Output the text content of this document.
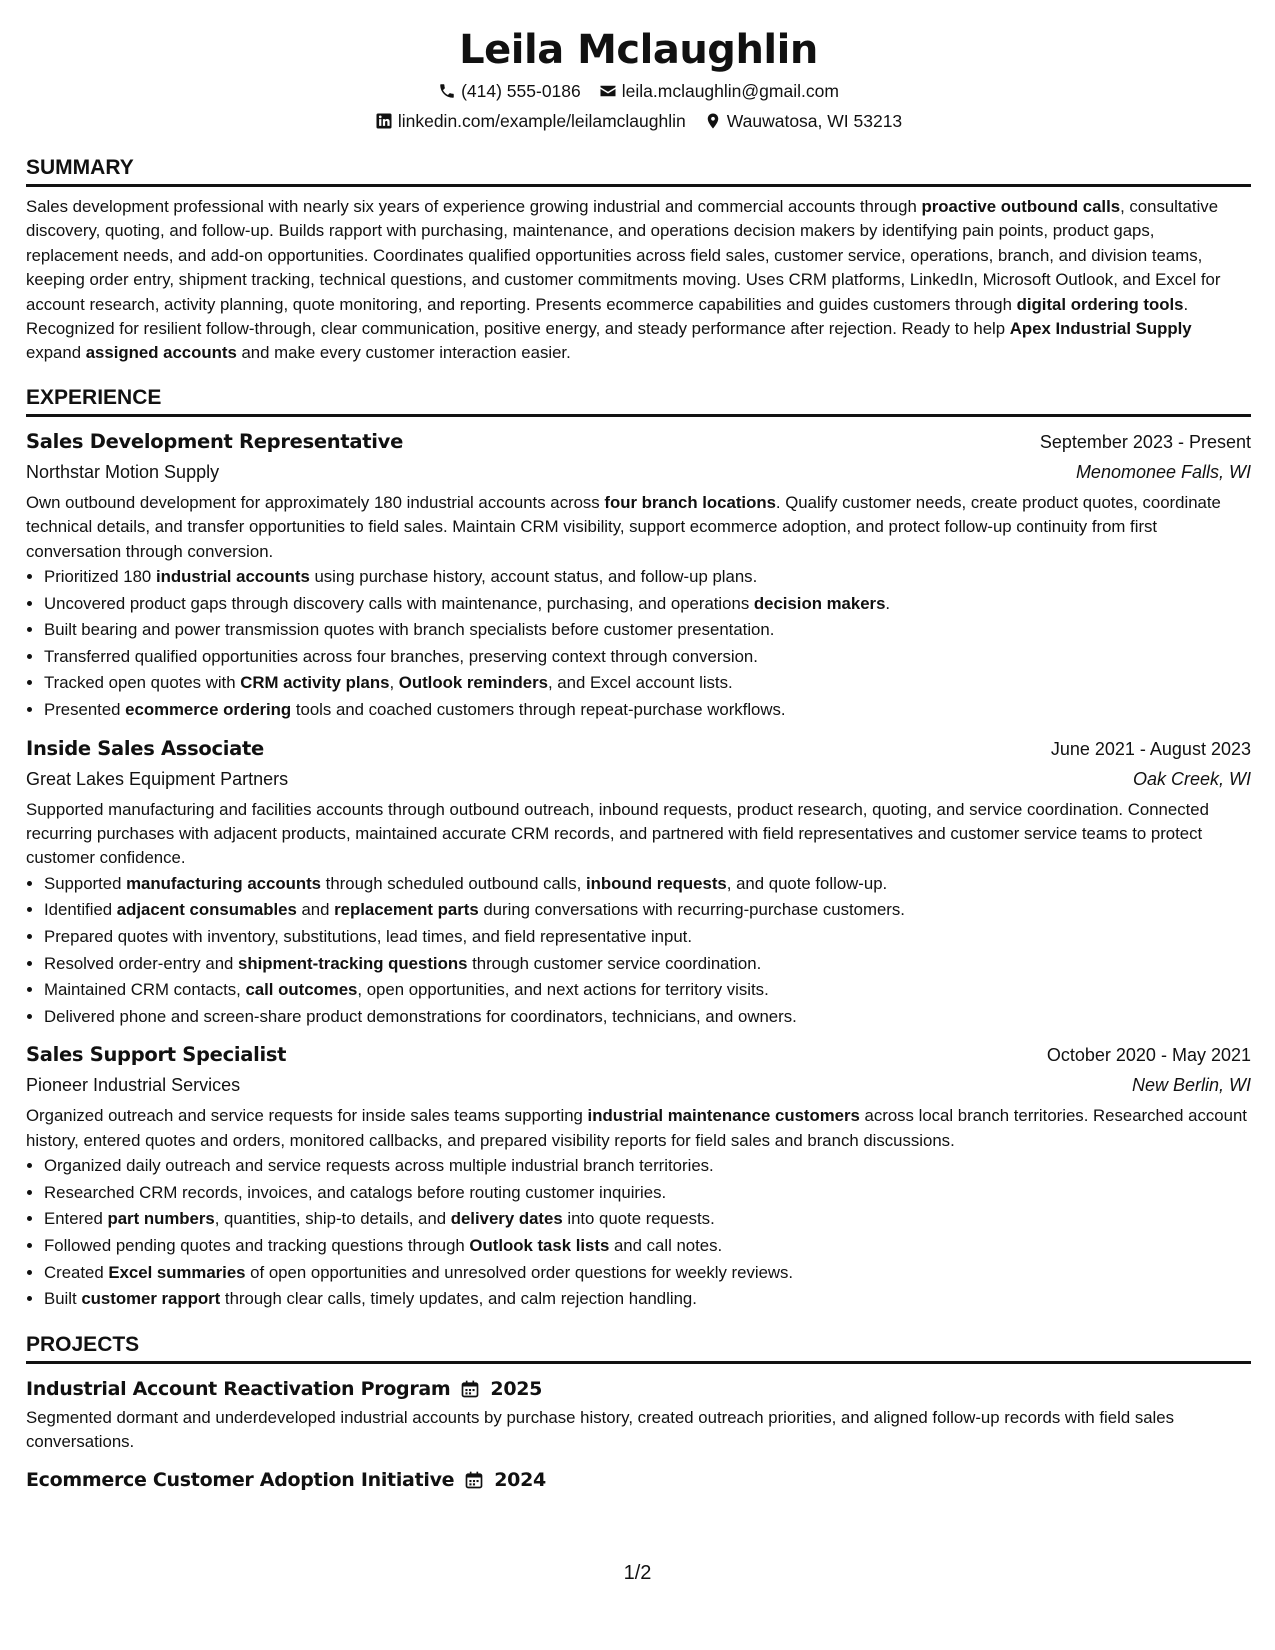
Leila Mclaughlin
(414) 555-0186 leila.mclaughlin@gmail.com
linkedin.com/example/leilamclaughlin Wauwatosa, WI 53213
SUMMARY

Sales development professional with nearly six years of experience growing industrial and commercial accounts through proactive outbound calls, consultative discovery, quoting, and follow-up. Builds rapport with purchasing, maintenance, and operations decision makers by identifying pain points, product gaps, replacement needs, and add-on opportunities. Coordinates qualified opportunities across field sales, customer service, operations, branch, and division teams, keeping order entry, shipment tracking, technical questions, and customer commitments moving. Uses CRM platforms, LinkedIn, Microsoft Outlook, and Excel for account research, activity planning, quote monitoring, and reporting. Presents ecommerce capabilities and guides customers through digital ordering tools. Recognized for resilient follow-through, clear communication, positive energy, and steady performance after rejection. Ready to help Apex Industrial Supply expand assigned accounts and make every customer interaction easier.

EXPERIENCE
Sales Development Representative	September 2023 - Present
Northstar Motion Supply	Menomonee Falls, WI

Own outbound development for approximately 180 industrial accounts across four branch locations. Qualify customer needs, create product quotes, coordinate technical details, and transfer opportunities to field sales. Maintain CRM visibility, support ecommerce adoption, and protect follow-up continuity from first conversation through conversion.

• Prioritized 180 industrial accounts using purchase history, account status, and follow-up plans.
• Uncovered product gaps through discovery calls with maintenance, purchasing, and operations decision makers.
• Built bearing and power transmission quotes with branch specialists before customer presentation.
• Transferred qualified opportunities across four branches, preserving context through conversion.
• Tracked open quotes with CRM activity plans, Outlook reminders, and Excel account lists.
• Presented ecommerce ordering tools and coached customers through repeat-purchase workflows.
Inside Sales Associate	June 2021 - August 2023
Great Lakes Equipment Partners	Oak Creek, WI

Supported manufacturing and facilities accounts through outbound outreach, inbound requests, product research, quoting, and service coordination. Connected recurring purchases with adjacent products, maintained accurate CRM records, and partnered with field representatives and customer service teams to protect customer confidence.

• Supported manufacturing accounts through scheduled outbound calls, inbound requests, and quote follow-up.
• Identified adjacent consumables and replacement parts during conversations with recurring-purchase customers.
• Prepared quotes with inventory, substitutions, lead times, and field representative input.
• Resolved order-entry and shipment-tracking questions through customer service coordination.
• Maintained CRM contacts, call outcomes, open opportunities, and next actions for territory visits.
• Delivered phone and screen-share product demonstrations for coordinators, technicians, and owners.
Sales Support Specialist	October 2020 - May 2021
Pioneer Industrial Services	New Berlin, WI

Organized outreach and service requests for inside sales teams supporting industrial maintenance customers across local branch territories. Researched account history, entered quotes and orders, monitored callbacks, and prepared visibility reports for field sales and branch discussions.

• Organized daily outreach and service requests across multiple industrial branch territories.
• Researched CRM records, invoices, and catalogs before routing customer inquiries.
• Entered part numbers, quantities, ship-to details, and delivery dates into quote requests.
• Followed pending quotes and tracking questions through Outlook task lists and call notes.
• Created Excel summaries of open opportunities and unresolved order questions for weekly reviews.
• Built customer rapport through clear calls, timely updates, and calm rejection handling.
PROJECTS
Industrial Account Reactivation Program 2025

Segmented dormant and underdeveloped industrial accounts by purchase history, created outreach priorities, and aligned follow-up records with field sales conversations.

Ecommerce Customer Adoption Initiative 2024
1/2
